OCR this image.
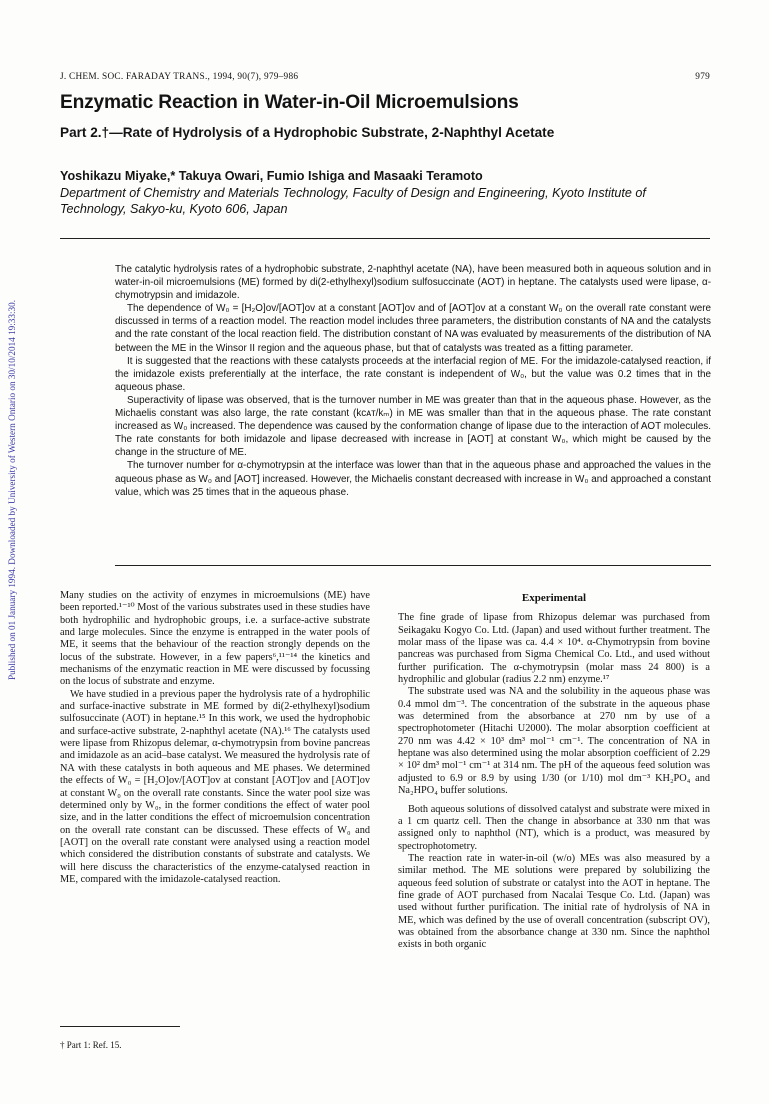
Published on 01 January 1994. Downloaded by University of Western Ontario on 30/10/2014 19:33:30.
J. CHEM. SOC. FARADAY TRANS., 1994, 90(7), 979–986	979
Enzymatic Reaction in Water-in-Oil Microemulsions
Part 2.†—Rate of Hydrolysis of a Hydrophobic Substrate, 2-Naphthyl Acetate
Yoshikazu Miyake,* Takuya Owari, Fumio Ishiga and Masaaki Teramoto
Department of Chemistry and Materials Technology, Faculty of Design and Engineering, Kyoto Institute of Technology, Sakyo-ku, Kyoto 606, Japan

The catalytic hydrolysis rates of a hydrophobic substrate, 2-naphthyl acetate (NA), have been measured both in aqueous solution and in water-in-oil microemulsions (ME) formed by di(2-ethylhexyl)sodium sulfosuccinate (AOT) in heptane. The catalysts used were lipase, α-chymotrypsin and imidazole.

The dependence of W₀ = [H₂O]ᴏᴠ/[AOT]ᴏᴠ at a constant [AOT]ᴏᴠ and of [AOT]ᴏᴠ at a constant W₀ on the overall rate constant were discussed in terms of a reaction model. The reaction model includes three parameters, the distribution constants of NA and the catalysts and the rate constant of the local reaction field. The distribution constant of NA was evaluated by measurements of the distribution of NA between the ME in the Winsor II region and the aqueous phase, but that of catalysts was treated as a fitting parameter.

It is suggested that the reactions with these catalysts proceeds at the interfacial region of ME. For the imidazole-catalysed reaction, if the imidazole exists preferentially at the interface, the rate constant is independent of W₀, but the value was 0.2 times that in the aqueous phase.

Superactivity of lipase was observed, that is the turnover number in ME was greater than that in the aqueous phase. However, as the Michaelis constant was also large, the rate constant (kᴄᴀᴛ/kₘ) in ME was smaller than that in the aqueous phase. The rate constant increased as W₀ increased. The dependence was caused by the conformation change of lipase due to the interaction of AOT molecules. The rate constants for both imidazole and lipase decreased with increase in [AOT] at constant W₀, which might be caused by the change in the structure of ME.

The turnover number for α-chymotrypsin at the interface was lower than that in the aqueous phase and approached the values in the aqueous phase as W₀ and [AOT] increased. However, the Michaelis constant decreased with increase in W₀ and approached a constant value, which was 25 times that in the aqueous phase.

Many studies on the activity of enzymes in microemulsions (ME) have been reported.¹⁻¹⁰ Most of the various substrates used in these studies have both hydrophilic and hydrophobic groups, i.e. a surface-active substrate and large molecules. Since the enzyme is entrapped in the water pools of ME, it seems that the behaviour of the reaction strongly depends on the locus of the substrate. However, in a few papers⁶,¹¹⁻¹⁴ the kinetics and mechanisms of the enzymatic reaction in ME were discussed by focussing on the locus of substrate and enzyme.

We have studied in a previous paper the hydrolysis rate of a hydrophilic and surface-inactive substrate in ME formed by di(2-ethylhexyl)sodium sulfosuccinate (AOT) in heptane.¹⁵ In this work, we used the hydrophobic and surface-active substrate, 2-naphthyl acetate (NA).¹⁶ The catalysts used were lipase from Rhizopus delemar, α-chymotrypsin from bovine pancreas and imidazole as an acid–base catalyst. We measured the hydrolysis rate of NA with these catalysts in both aqueous and ME phases. We determined the effects of W₀ = [H₂O]ᴏᴠ/[AOT]ᴏᴠ at constant [AOT]ᴏᴠ and [AOT]ᴏᴠ at constant W₀ on the overall rate constants. Since the water pool size was determined only by W₀, in the former conditions the effect of water pool size, and in the latter conditions the effect of microemulsion concentration on the overall rate constant can be discussed. These effects of W₀ and [AOT] on the overall rate constant were analysed using a reaction model which considered the distribution constants of substrate and catalysts. We will here discuss the characteristics of the enzyme-catalysed reaction in ME, compared with the imidazole-catalysed reaction.

Experimental

The fine grade of lipase from Rhizopus delemar was purchased from Seikagaku Kogyo Co. Ltd. (Japan) and used without further treatment. The molar mass of the lipase was ca. 4.4 × 10⁴. α-Chymotrypsin from bovine pancreas was purchased from Sigma Chemical Co. Ltd., and used without further purification. The α-chymotrypsin (molar mass 24 800) is a hydrophilic and globular (radius 2.2 nm) enzyme.¹⁷

The substrate used was NA and the solubility in the aqueous phase was 0.4 mmol dm⁻³. The concentration of the substrate in the aqueous phase was determined from the absorbance at 270 nm by use of a spectrophotometer (Hitachi U2000). The molar absorption coefficient at 270 nm was 4.42 × 10³ dm³ mol⁻¹ cm⁻¹. The concentration of NA in heptane was also determined using the molar absorption coefficient of 2.29 × 10² dm³ mol⁻¹ cm⁻¹ at 314 nm. The pH of the aqueous feed solution was adjusted to 6.9 or 8.9 by using 1/30 (or 1/10) mol dm⁻³ KH₂PO₄ and Na₂HPO₄ buffer solutions.

Both aqueous solutions of dissolved catalyst and substrate were mixed in a 1 cm quartz cell. Then the change in absorbance at 330 nm that was assigned only to naphthol (NT), which is a product, was measured by spectrophotometry.

The reaction rate in water-in-oil (w/o) MEs was also measured by a similar method. The ME solutions were prepared by solubilizing the aqueous feed solution of substrate or catalyst into the AOT in heptane. The fine grade of AOT purchased from Nacalai Tesque Co. Ltd. (Japan) was used without further purification. The initial rate of hydrolysis of NA in ME, which was defined by the use of overall concentration (subscript OV), was obtained from the absorbance change at 330 nm. Since the naphthol exists in both organic

† Part 1: Ref. 15.
